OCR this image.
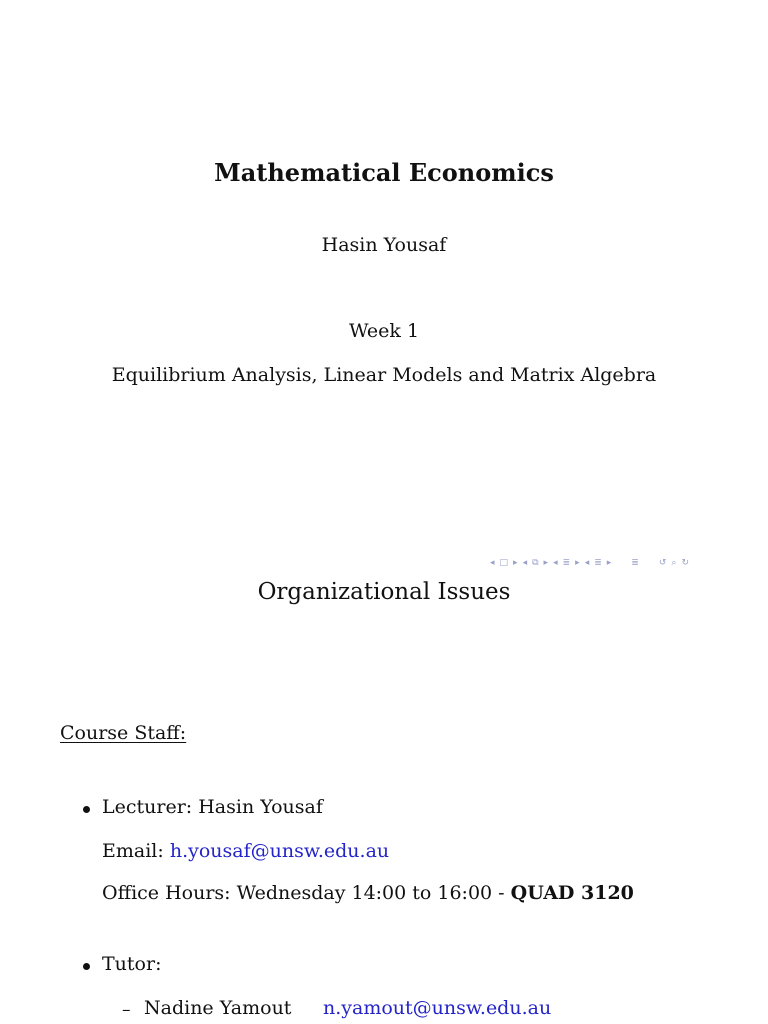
Mathematical Economics
Hasin Yousaf
Week 1
Equilibrium Analysis, Linear Models and Matrix Algebra
◂ □ ▸ ◂ ⧉ ▸ ◂ ≣ ▸ ◂ ≣ ▸ ≣ ↺ ⌕ ↻
Organizational Issues
Course Staff:
Lecturer: Hasin Yousaf
Email: h.yousaf@unsw.edu.au
Office Hours: Wednesday 14:00 to 16:00 - QUAD 3120
Tutor:
– Nadine Yamout n.yamout@unsw.edu.au
